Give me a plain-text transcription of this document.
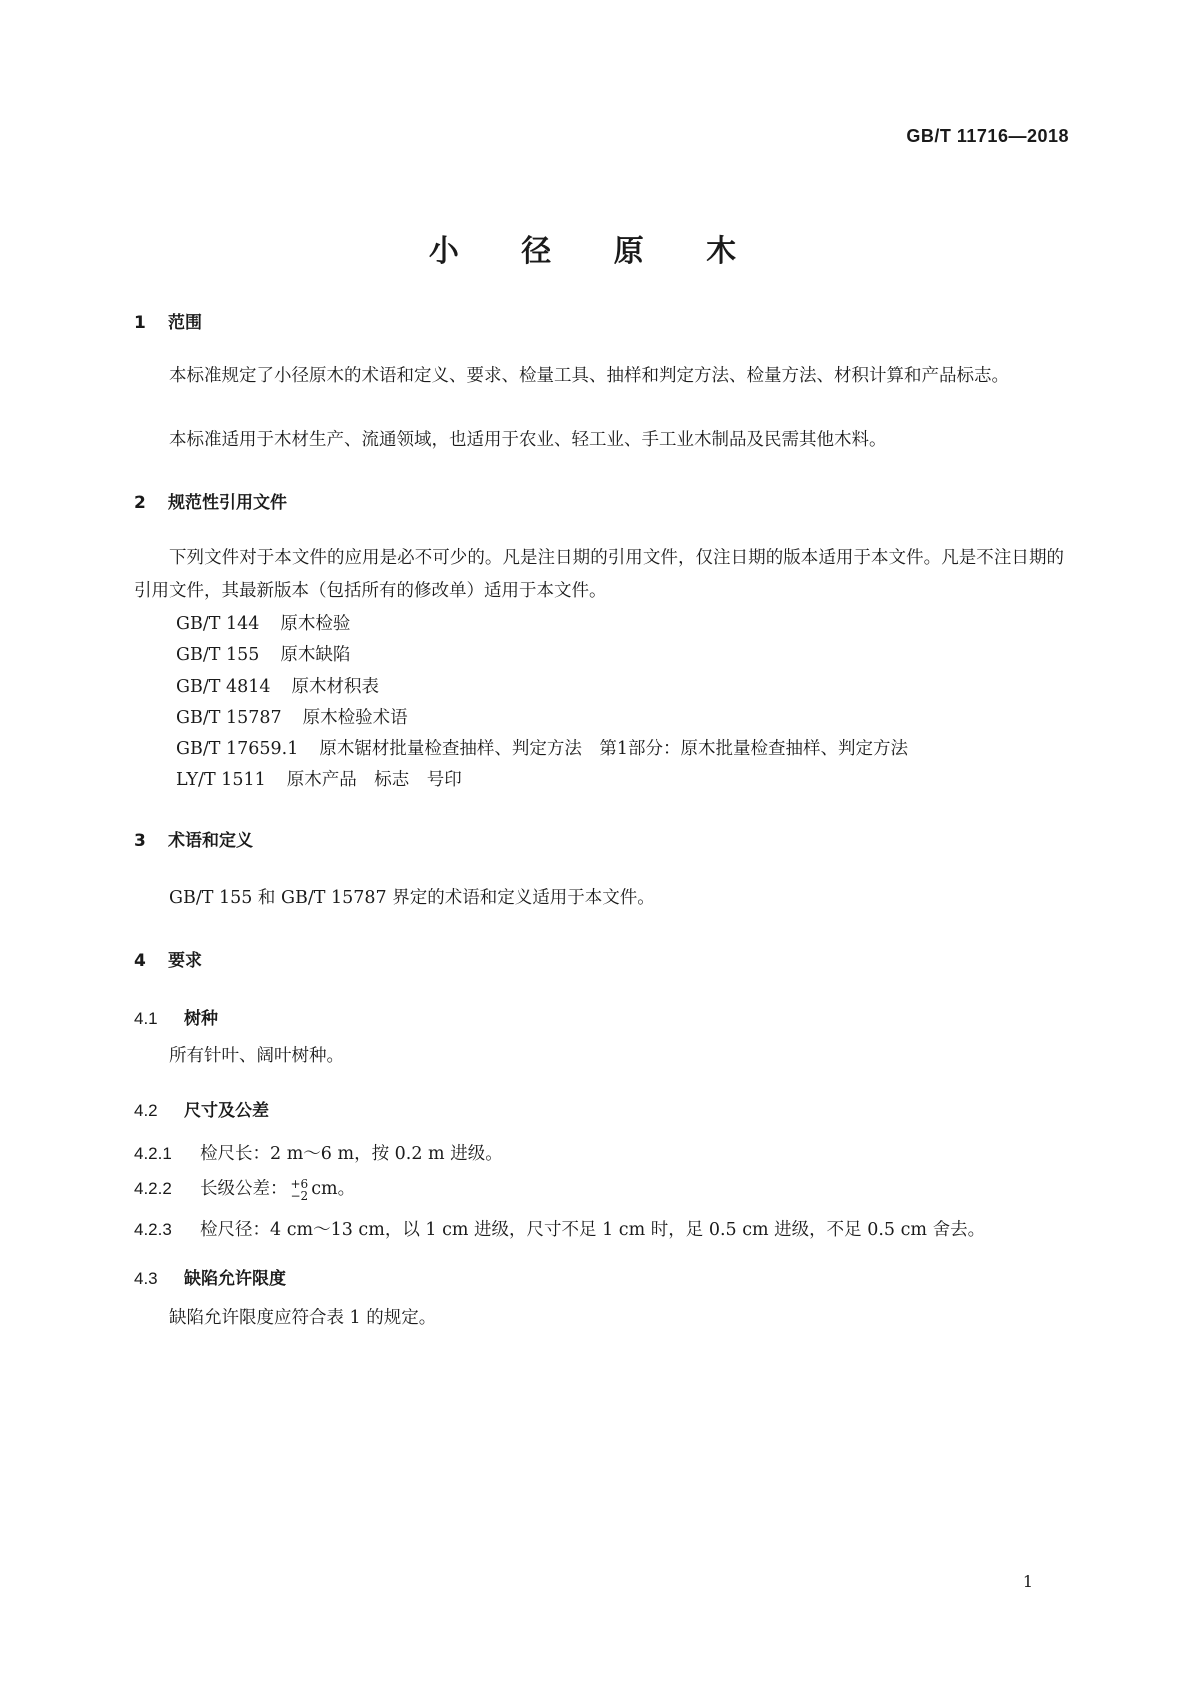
GB/T 11716—2018
小 径 原 木
1 范围
本标准规定了小径原木的术语和定义、要求、检量工具、抽样和判定方法、检量方法、材积计算和产品标志。
本标准适用于木材生产、流通领域，也适用于农业、轻工业、手工业木制品及民需其他木料。
2 规范性引用文件
下列文件对于本文件的应用是必不可少的。凡是注日期的引用文件，仅注日期的版本适用于本文件。凡是不注日期的引用文件，其最新版本（包括所有的修改单）适用于本文件。
GB/T 144 原木检验
GB/T 155 原木缺陷
GB/T 4814 原木材积表
GB/T 15787 原木检验术语
GB/T 17659.1 原木锯材批量检查抽样、判定方法　第1部分：原木批量检查抽样、判定方法
LY/T 1511 原木产品　标志　号印
3 术语和定义
GB/T 155 和 GB/T 15787 界定的术语和定义适用于本文件。
4 要求
4.1 树种
所有针叶、阔叶树种。
4.2 尺寸及公差
4.2.1 检尺长：2 m～6 m，按 0.2 m 进级。
4.2.2 长级公差： +6
−2 cm。
4.2.3 检尺径：4 cm～13 cm，以 1 cm 进级，尺寸不足 1 cm 时，足 0.5 cm 进级，不足 0.5 cm 舍去。
4.3 缺陷允许限度
缺陷允许限度应符合表 1 的规定。
1
